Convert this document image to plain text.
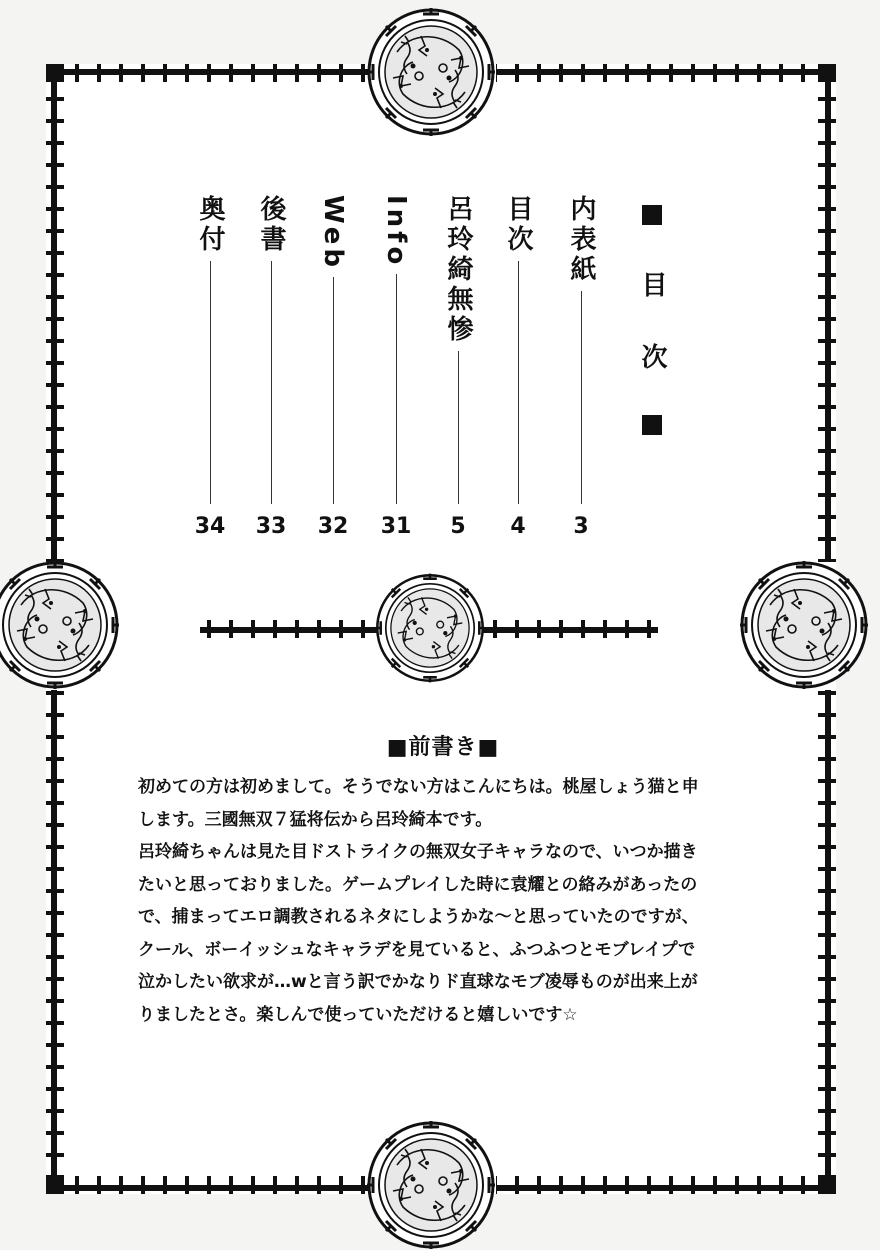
目
次
内表紙
3
目次
4
呂玲綺無惨
5
Info
31
Web
32
後書
33
奥付
34
■前書き■
初めての方は初めまして。そうでない方はこんにちは。桃屋しょう猫と申
します。三國無双７猛将伝から呂玲綺本です。
呂玲綺ちゃんは見た目ドストライクの無双女子キャラなので、いつか描き
たいと思っておりました。ゲームプレイした時に袁耀との絡みがあったの
で、捕まってエロ調教されるネタにしようかな～と思っていたのですが、
クール、ボーイッシュなキャラデを見ていると、ふつふつとモブレイプで
泣かしたい欲求が…wと言う訳でかなりド直球なモブ凌辱ものが出来上が
りましたとさ。楽しんで使っていただけると嬉しいです☆
